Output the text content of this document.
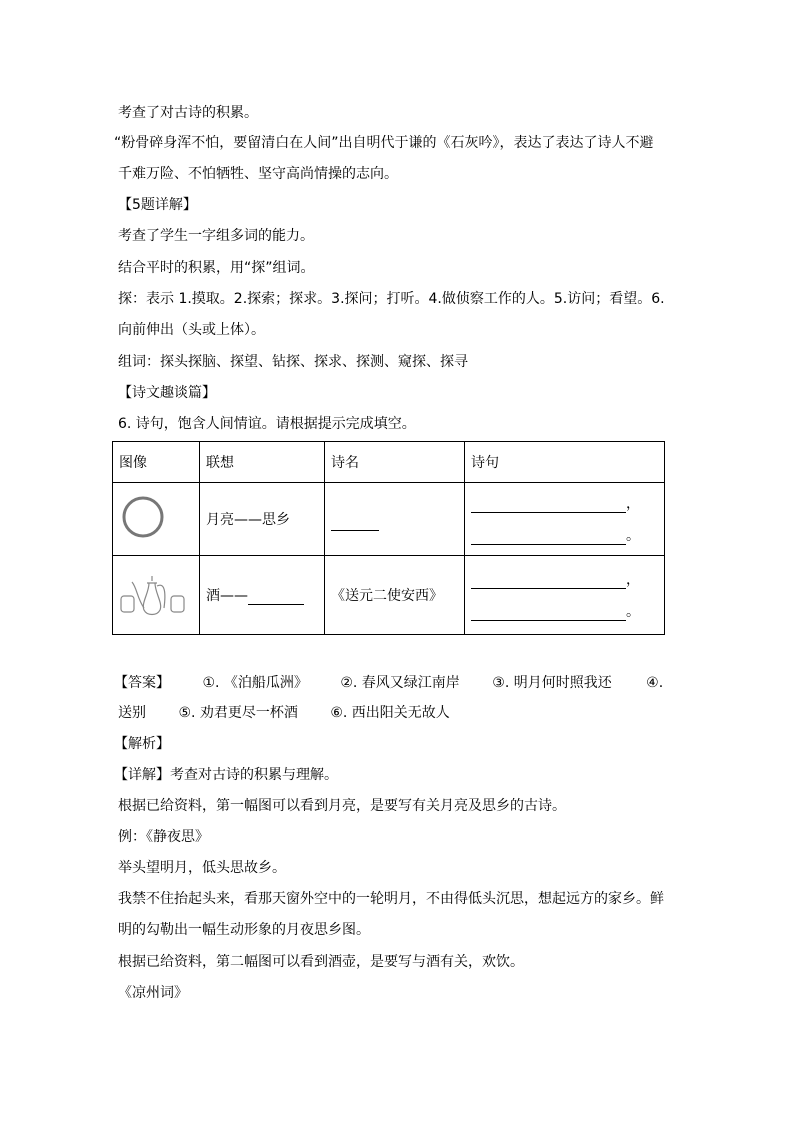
考查了对古诗的积累。
“粉骨碎身浑不怕，要留清白在人间”出自明代于谦的《石灰吟》，表达了表达了诗人不避
千难万险、不怕牺牲、坚守高尚情操的志向。
【5题详解】
考查了学生一字组多词的能力。
结合平时的积累，用“探”组词。
探：表示 1.摸取。2.探索；探求。3.探问；打听。4.做侦察工作的人。5.访问；看望。6.
向前伸出（头或上体）。
组词：探头探脑、探望、钻探、探求、探测、窥探、探寻
【诗文趣谈篇】
6. 诗句，饱含人间情谊。请根据提示完成填空。
图像	联想	诗名	诗句
	月亮——思乡		，
。

	酒——	《送元二使安西》	，
。
【答案】 ①. 《泊船瓜洲》 ②. 春风又绿江南岸 ③. 明月何时照我还 ④.
送别 ⑤. 劝君更尽一杯酒 ⑥. 西出阳关无故人
【解析】
【详解】考查对古诗的积累与理解。
根据已给资料，第一幅图可以看到月亮，是要写有关月亮及思乡的古诗。
例：《静夜思》
举头望明月，低头思故乡。
我禁不住抬起头来，看那天窗外空中的一轮明月，不由得低头沉思，想起远方的家乡。鲜
明的勾勒出一幅生动形象的月夜思乡图。
根据已给资料，第二幅图可以看到酒壶，是要写与酒有关，欢饮。
《凉州词》
